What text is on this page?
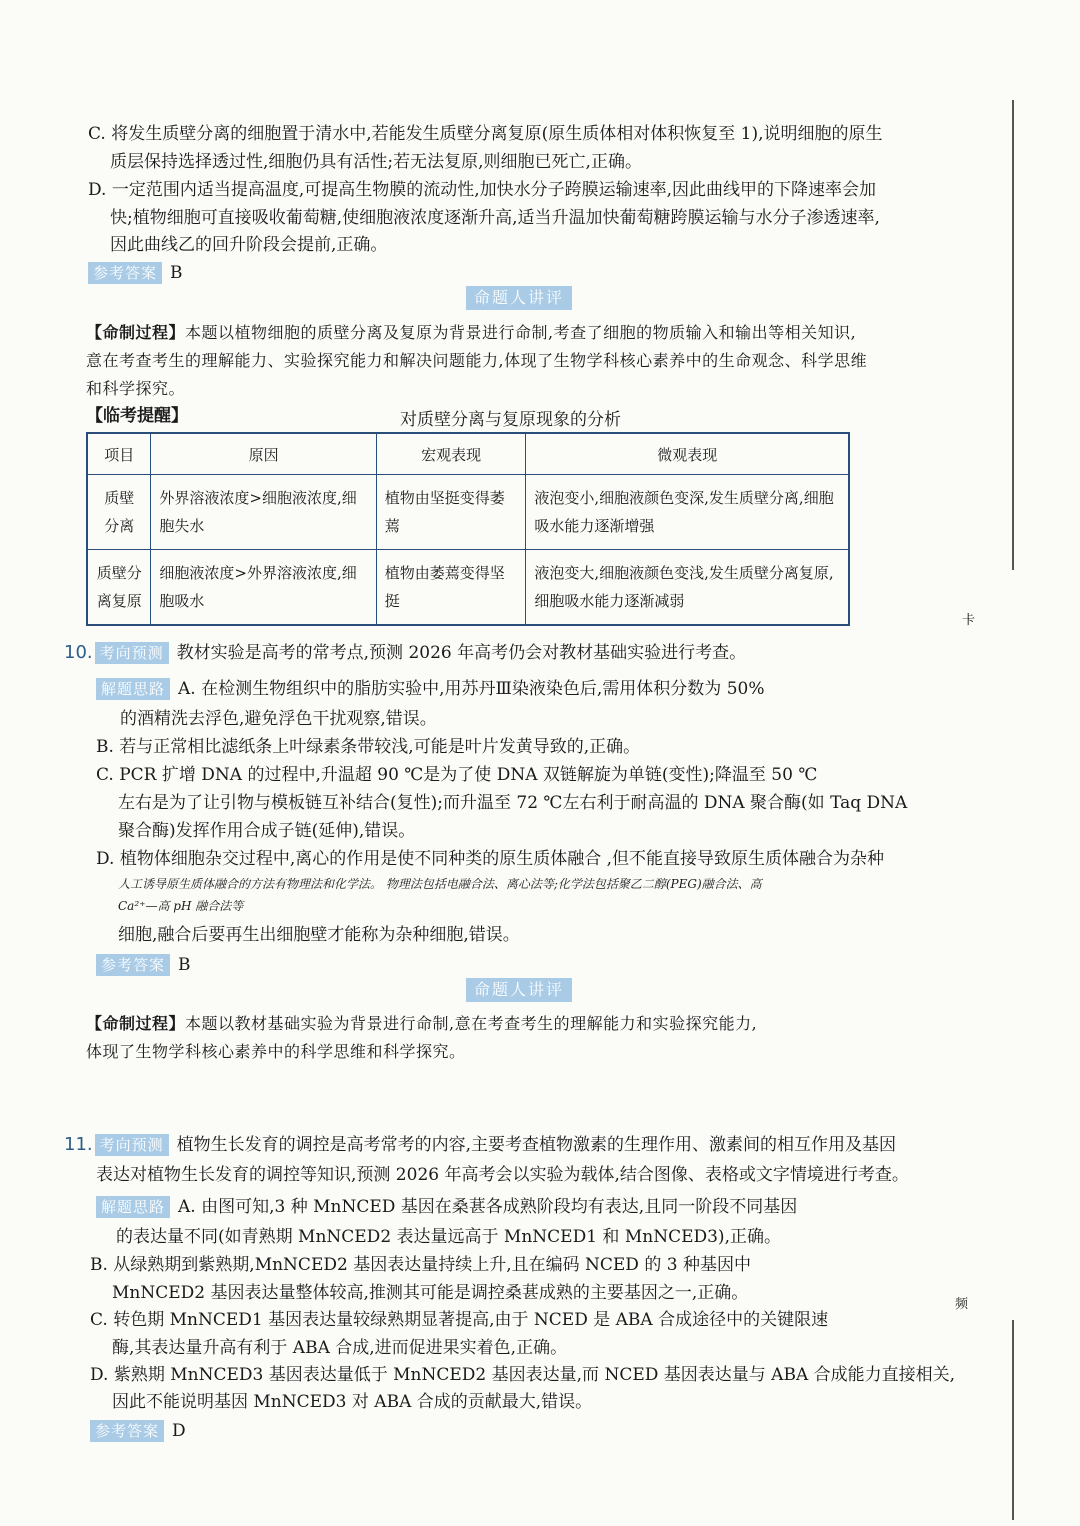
卡
频
C. 将发生质壁分离的细胞置于清水中,若能发生质壁分离复原(原生质体相对体积恢复至 1),说明细胞的原生
质层保持选择透过性,细胞仍具有活性;若无法复原,则细胞已死亡,正确。
D. 一定范围内适当提高温度,可提高生物膜的流动性,加快水分子跨膜运输速率,因此曲线甲的下降速率会加
快;植物细胞可直接吸收葡萄糖,使细胞液浓度逐渐升高,适当升温加快葡萄糖跨膜运输与水分子渗透速率,
因此曲线乙的回升阶段会提前,正确。
参考答案 B
命题人讲评
【命制过程】本题以植物细胞的质壁分离及复原为背景进行命制,考查了细胞的物质输入和输出等相关知识,
意在考查考生的理解能力、实验探究能力和解决问题能力,体现了生物学科核心素养中的生命观念、科学思维
和科学探究。
【临考提醒】	对质壁分离与复原现象的分析
项目	原因	宏观表现	微观表现
质壁
分离	外界溶液浓度>细胞液浓度,细胞失水	植物由坚挺变得萎蔫	液泡变小,细胞液颜色变深,发生质壁分离,细胞吸水能力逐渐增强
质壁分离复原	细胞液浓度>外界溶液浓度,细胞吸水	植物由萎蔫变得坚挺	液泡变大,细胞液颜色变浅,发生质壁分离复原,细胞吸水能力逐渐减弱
10. 考向预测 教材实验是高考的常考点,预测 2026 年高考仍会对教材基础实验进行考查。
解题思路 A. 在检测生物组织中的脂肪实验中,用苏丹Ⅲ染液染色后,需用体积分数为 50%
的酒精洗去浮色,避免浮色干扰观察,错误。
B. 若与正常相比滤纸条上叶绿素条带较浅,可能是叶片发黄导致的,正确。
C. PCR 扩增 DNA 的过程中,升温超 90 ℃是为了使 DNA 双链解旋为单链(变性);降温至 50 ℃
左右是为了让引物与模板链互补结合(复性);而升温至 72 ℃左右利于耐高温的 DNA 聚合酶(如 Taq DNA
聚合酶)发挥作用合成子链(延伸),错误。
D. 植物体细胞杂交过程中,离心的作用是使不同种类的原生质体融合 ,但不能直接导致原生质体融合为杂种
人工诱导原生质体融合的方法有物理法和化学法。 物理法包括电融合法、离心法等;化学法包括聚乙二醇(PEG)融合法、高
Ca²⁺—高 pH 融合法等
细胞,融合后要再生出细胞壁才能称为杂种细胞,错误。
参考答案 B
命题人讲评
【命制过程】本题以教材基础实验为背景进行命制,意在考查考生的理解能力和实验探究能力,
体现了生物学科核心素养中的科学思维和科学探究。
11. 考向预测 植物生长发育的调控是高考常考的内容,主要考查植物激素的生理作用、激素间的相互作用及基因
表达对植物生长发育的调控等知识,预测 2026 年高考会以实验为载体,结合图像、表格或文字情境进行考查。
解题思路 A. 由图可知,3 种 MnNCED 基因在桑葚各成熟阶段均有表达,且同一阶段不同基因
的表达量不同(如青熟期 MnNCED2 表达量远高于 MnNCED1 和 MnNCED3),正确。
B. 从绿熟期到紫熟期,MnNCED2 基因表达量持续上升,且在编码 NCED 的 3 种基因中
MnNCED2 基因表达量整体较高,推测其可能是调控桑葚成熟的主要基因之一,正确。
C. 转色期 MnNCED1 基因表达量较绿熟期显著提高,由于 NCED 是 ABA 合成途径中的关键限速
酶,其表达量升高有利于 ABA 合成,进而促进果实着色,正确。
D. 紫熟期 MnNCED3 基因表达量低于 MnNCED2 基因表达量,而 NCED 基因表达量与 ABA 合成能力直接相关,
因此不能说明基因 MnNCED3 对 ABA 合成的贡献最大,错误。
参考答案 D
